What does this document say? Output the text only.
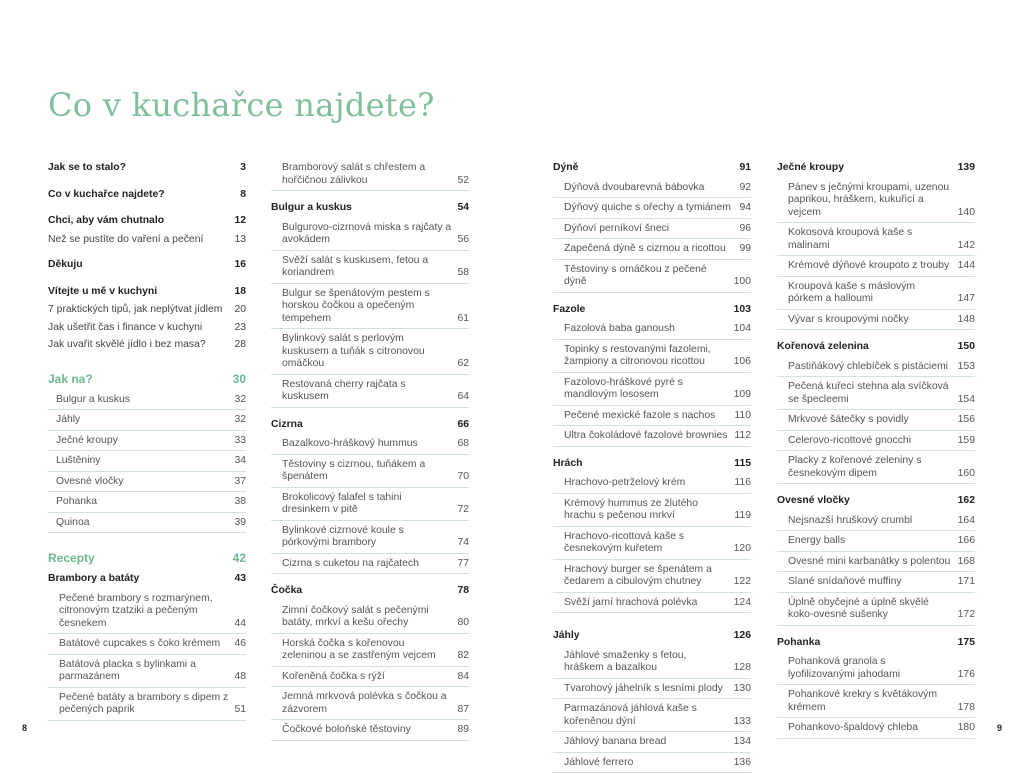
Co v kuchařce najdete?
Jak se to stalo?	3
Co v kuchařce najdete?	8
Chci, aby vám chutnalo	12
Než se pustíte do vaření a pečení	13
Děkuju	16
Vítejte u mě v kuchyni	18
7 praktických tipů, jak neplýtvat jídlem	20
Jak ušetřit čas i finance v kuchyni	23
Jak uvařit skvělé jídlo i bez masa?	28
Jak na?	30
Bulgur a kuskus	32
Jáhly	32
Ječné kroupy	33
Luštěniny	34
Ovesné vločky	37
Pohanka	38
Quinoa	39
Recepty	42
Brambory a batáty	43
Pečené brambory s rozmarýnem, citronovým tzatziki a pečeným česnekem	44
Batátové cupcakes s čoko krémem	46
Batátová placka s bylinkami a parmazánem	48
Pečené batáty a brambory s dipem z pečených paprik	51
Bramborový salát s chřestem a hořčičnou zálivkou	52
Bulgur a kuskus	54
Bulgurovo-cizrnová miska s rajčaty a avokádem	56
Svěží salát s kuskusem, fetou a koriandrem	58
Bulgur se špenátovým pestem s horskou čočkou a opečeným tempehem	61
Bylinkový salát s perlovým kuskusem a tuňák s citronovou omáčkou	62
Restovaná cherry rajčata s kuskusem	64
Cizrna	66
Bazalkovo-hráškový hummus	68
Těstoviny s cizrnou, tuňákem a špenátem	70
Brokolicový falafel s tahini dresinkem v pitě	72
Bylinkové cizrnové koule s pórkovými brambory	74
Cizrna s cuketou na rajčatech	77
Čočka	78
Zimní čočkový salát s pečenými batáty, mrkví a kešu ořechy	80
Horská čočka s kořenovou zeleninou a se zastřeným vejcem	82
Kořeněná čočka s rýží	84
Jemná mrkvová polévka s čočkou a zázvorem	87
Čočkové boloňské těstoviny	89
Dýně	91
Dýňová dvoubarevná bábovka	92
Dýňový quiche s ořechy a tymiánem 94
Dýňoví perníkoví šneci	96
Zapečená dýně s cizrnou a ricottou	99
Těstoviny s omáčkou z pečené dýně	100
Fazole	103
Fazolová baba ganoush	104
Topinky s restovanými fazolemi, žampiony a citronovou ricottou	106
Fazolovo-hráškové pyré s mandlovým lososem	109
Pečené mexické fazole s nachos	110
Ultra čokoládové fazolové brownies 112
Hrách	115
Hrachovo-petrželový krém	116
Krémový hummus ze žlutého hrachu s pečenou mrkví	119
Hrachovo-ricottová kaše s česnekovým kuřetem	120
Hrachový burger se špenátem a čedarem a cibulovým chutney	122
Svěží jarní hrachová polévka	124
Jáhly	126
Jáhlové smaženky s fetou, hráškem a bazalkou	128
Tvarohový jáhelník s lesními plody	130
Parmazánová jáhlová kaše s kořeněnou dýní	133
Jáhlový banana bread	134
Jáhlové ferrero	136
Ječné kroupy	139
Pánev s ječnými kroupami, uzenou paprikou, hráškem, kukuřicí a vejcem	140
Kokosová kroupová kaše s malinami	142
Krémové dýňové kroupoto z trouby 144
Kroupová kaše s máslovým pórkem a halloumi	147
Vývar s kroupovými nočky	148
Kořenová zelenina	150
Pastiňákový chlebíček s pistáciemi 153
Pečená kuřecí stehna ala svíčková se špecleemi	154
Mrkvové šátečky s povidly	156
Celerovo-ricottové gnocchi	159
Placky z kořenové zeleniny s česnekovým dipem	160
Ovesné vločky	162
Nejsnazší hruškový crumbl	164
Energy balls	166
Ovesné mini karbanátky s polentou 168
Slané snídaňové muffiny	171
Úplně obyčejné a úplně skvělé koko-ovesné sušenky	172
Pohanka	175
Pohanková granola s lyofilizovanými jahodami	176
Pohankové krekry s květákovým krémem	178
Pohankovo-špaldový chleba	180
8	9
